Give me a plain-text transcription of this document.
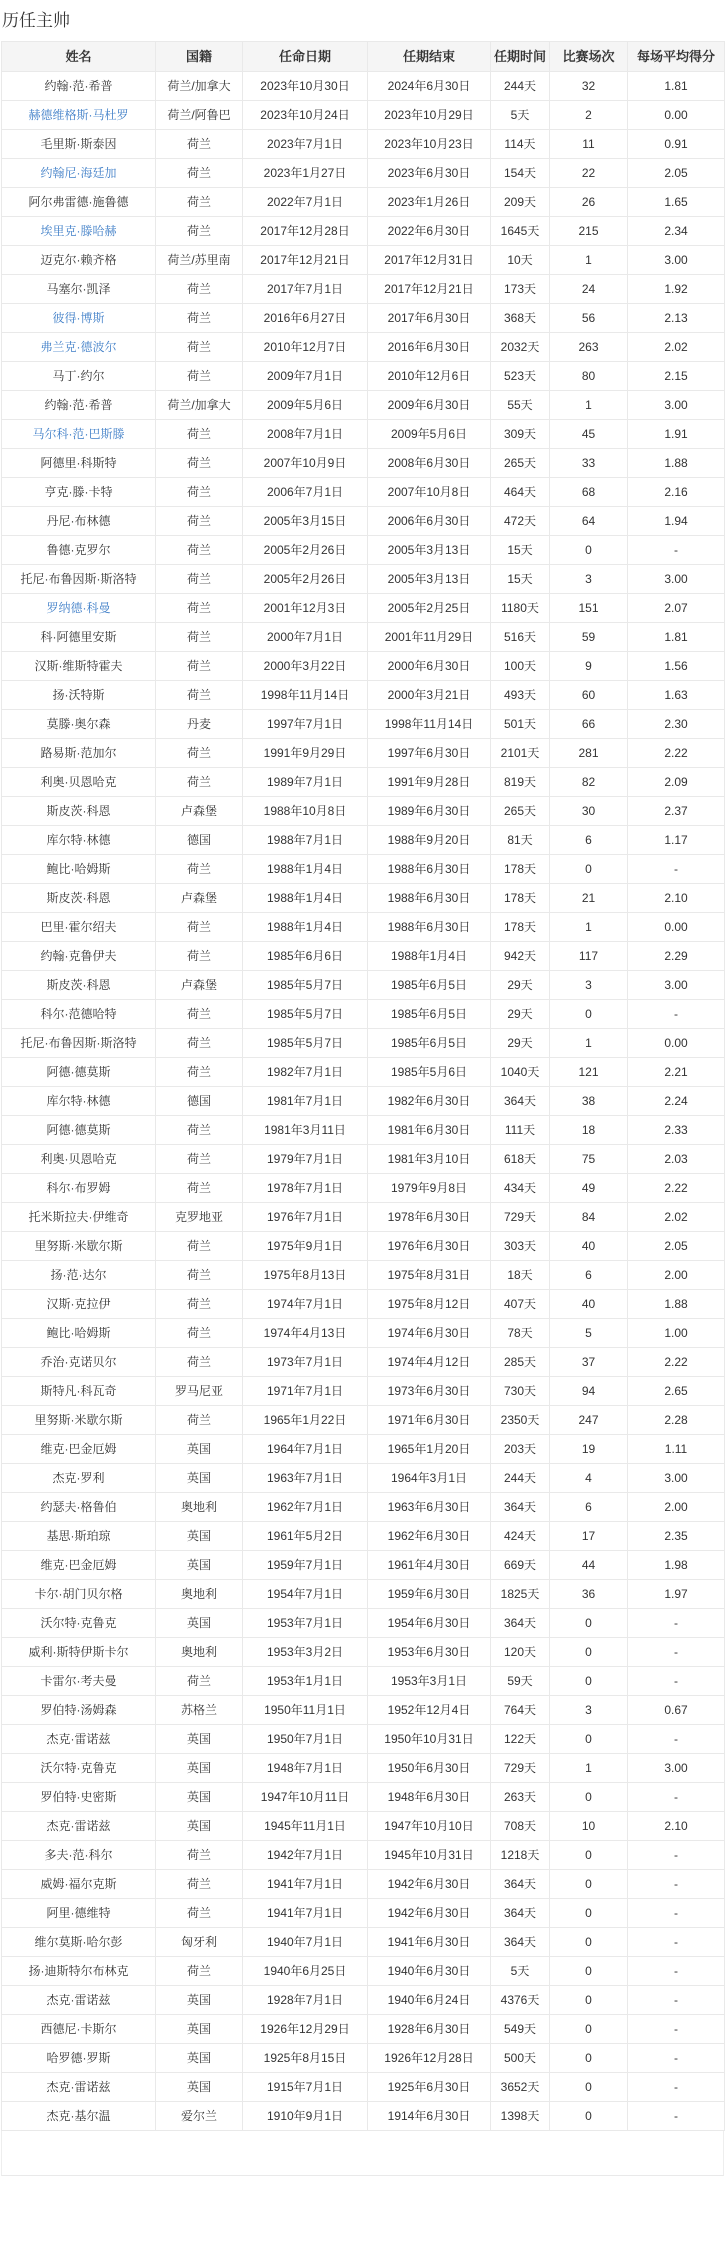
历任主帅
姓名	国籍	任命日期	任期结束	任期时间	比赛场次	每场平均得分
约翰·范·希普	荷兰/加拿大	2023年10月30日	2024年6月30日	244天	32	1.81
赫德维格斯·马杜罗	荷兰/阿鲁巴	2023年10月24日	2023年10月29日	5天	2	0.00
毛里斯·斯泰因	荷兰	2023年7月1日	2023年10月23日	114天	11	0.91
约翰尼·海廷加	荷兰	2023年1月27日	2023年6月30日	154天	22	2.05
阿尔弗雷德·施鲁德	荷兰	2022年7月1日	2023年1月26日	209天	26	1.65
埃里克·滕哈赫	荷兰	2017年12月28日	2022年6月30日	1645天	215	2.34
迈克尔·赖齐格	荷兰/苏里南	2017年12月21日	2017年12月31日	10天	1	3.00
马塞尔·凯泽	荷兰	2017年7月1日	2017年12月21日	173天	24	1.92
彼得·博斯	荷兰	2016年6月27日	2017年6月30日	368天	56	2.13
弗兰克·德波尔	荷兰	2010年12月7日	2016年6月30日	2032天	263	2.02
马丁·约尔	荷兰	2009年7月1日	2010年12月6日	523天	80	2.15
约翰·范·希普	荷兰/加拿大	2009年5月6日	2009年6月30日	55天	1	3.00
马尔科·范·巴斯滕	荷兰	2008年7月1日	2009年5月6日	309天	45	1.91
阿德里·科斯特	荷兰	2007年10月9日	2008年6月30日	265天	33	1.88
亨克·滕·卡特	荷兰	2006年7月1日	2007年10月8日	464天	68	2.16
丹尼·布林德	荷兰	2005年3月15日	2006年6月30日	472天	64	1.94
鲁德·克罗尔	荷兰	2005年2月26日	2005年3月13日	15天	0	-
托尼·布鲁因斯·斯洛特	荷兰	2005年2月26日	2005年3月13日	15天	3	3.00
罗纳德·科曼	荷兰	2001年12月3日	2005年2月25日	1180天	151	2.07
科·阿德里安斯	荷兰	2000年7月1日	2001年11月29日	516天	59	1.81
汉斯·维斯特霍夫	荷兰	2000年3月22日	2000年6月30日	100天	9	1.56
扬·沃特斯	荷兰	1998年11月14日	2000年3月21日	493天	60	1.63
莫滕·奥尔森	丹麦	1997年7月1日	1998年11月14日	501天	66	2.30
路易斯·范加尔	荷兰	1991年9月29日	1997年6月30日	2101天	281	2.22
利奥·贝恩哈克	荷兰	1989年7月1日	1991年9月28日	819天	82	2.09
斯皮茨·科恩	卢森堡	1988年10月8日	1989年6月30日	265天	30	2.37
库尔特·林德	德国	1988年7月1日	1988年9月20日	81天	6	1.17
鲍比·哈姆斯	荷兰	1988年1月4日	1988年6月30日	178天	0	-
斯皮茨·科恩	卢森堡	1988年1月4日	1988年6月30日	178天	21	2.10
巴里·霍尔绍夫	荷兰	1988年1月4日	1988年6月30日	178天	1	0.00
约翰·克鲁伊夫	荷兰	1985年6月6日	1988年1月4日	942天	117	2.29
斯皮茨·科恩	卢森堡	1985年5月7日	1985年6月5日	29天	3	3.00
科尔·范德哈特	荷兰	1985年5月7日	1985年6月5日	29天	0	-
托尼·布鲁因斯·斯洛特	荷兰	1985年5月7日	1985年6月5日	29天	1	0.00
阿德·德莫斯	荷兰	1982年7月1日	1985年5月6日	1040天	121	2.21
库尔特·林德	德国	1981年7月1日	1982年6月30日	364天	38	2.24
阿德·德莫斯	荷兰	1981年3月11日	1981年6月30日	111天	18	2.33
利奥·贝恩哈克	荷兰	1979年7月1日	1981年3月10日	618天	75	2.03
科尔·布罗姆	荷兰	1978年7月1日	1979年9月8日	434天	49	2.22
托米斯拉夫·伊维奇	克罗地亚	1976年7月1日	1978年6月30日	729天	84	2.02
里努斯·米歇尔斯	荷兰	1975年9月1日	1976年6月30日	303天	40	2.05
扬·范·达尔	荷兰	1975年8月13日	1975年8月31日	18天	6	2.00
汉斯·克拉伊	荷兰	1974年7月1日	1975年8月12日	407天	40	1.88
鲍比·哈姆斯	荷兰	1974年4月13日	1974年6月30日	78天	5	1.00
乔治·克诺贝尔	荷兰	1973年7月1日	1974年4月12日	285天	37	2.22
斯特凡·科瓦奇	罗马尼亚	1971年7月1日	1973年6月30日	730天	94	2.65
里努斯·米歇尔斯	荷兰	1965年1月22日	1971年6月30日	2350天	247	2.28
维克·巴金厄姆	英国	1964年7月1日	1965年1月20日	203天	19	1.11
杰克·罗利	英国	1963年7月1日	1964年3月1日	244天	4	3.00
约瑟夫·格鲁伯	奥地利	1962年7月1日	1963年6月30日	364天	6	2.00
基思·斯珀琼	英国	1961年5月2日	1962年6月30日	424天	17	2.35
维克·巴金厄姆	英国	1959年7月1日	1961年4月30日	669天	44	1.98
卡尔·胡门贝尔格	奥地利	1954年7月1日	1959年6月30日	1825天	36	1.97
沃尔特·克鲁克	英国	1953年7月1日	1954年6月30日	364天	0	-
威利·斯特伊斯卡尔	奥地利	1953年3月2日	1953年6月30日	120天	0	-
卡雷尔·考夫曼	荷兰	1953年1月1日	1953年3月1日	59天	0	-
罗伯特·汤姆森	苏格兰	1950年11月1日	1952年12月4日	764天	3	0.67
杰克·雷诺兹	英国	1950年7月1日	1950年10月31日	122天	0	-
沃尔特·克鲁克	英国	1948年7月1日	1950年6月30日	729天	1	3.00
罗伯特·史密斯	英国	1947年10月11日	1948年6月30日	263天	0	-
杰克·雷诺兹	英国	1945年11月1日	1947年10月10日	708天	10	2.10
多夫·范·科尔	荷兰	1942年7月1日	1945年10月31日	1218天	0	-
威姆·福尔克斯	荷兰	1941年7月1日	1942年6月30日	364天	0	-
阿里·德维特	荷兰	1941年7月1日	1942年6月30日	364天	0	-
维尔莫斯·哈尔彭	匈牙利	1940年7月1日	1941年6月30日	364天	0	-
扬·迪斯特尔布林克	荷兰	1940年6月25日	1940年6月30日	5天	0	-
杰克·雷诺兹	英国	1928年7月1日	1940年6月24日	4376天	0	-
西德尼·卡斯尔	英国	1926年12月29日	1928年6月30日	549天	0	-
哈罗德·罗斯	英国	1925年8月15日	1926年12月28日	500天	0	-
杰克·雷诺兹	英国	1915年7月1日	1925年6月30日	3652天	0	-
杰克·基尔温	爱尔兰	1910年9月1日	1914年6月30日	1398天	0	-
